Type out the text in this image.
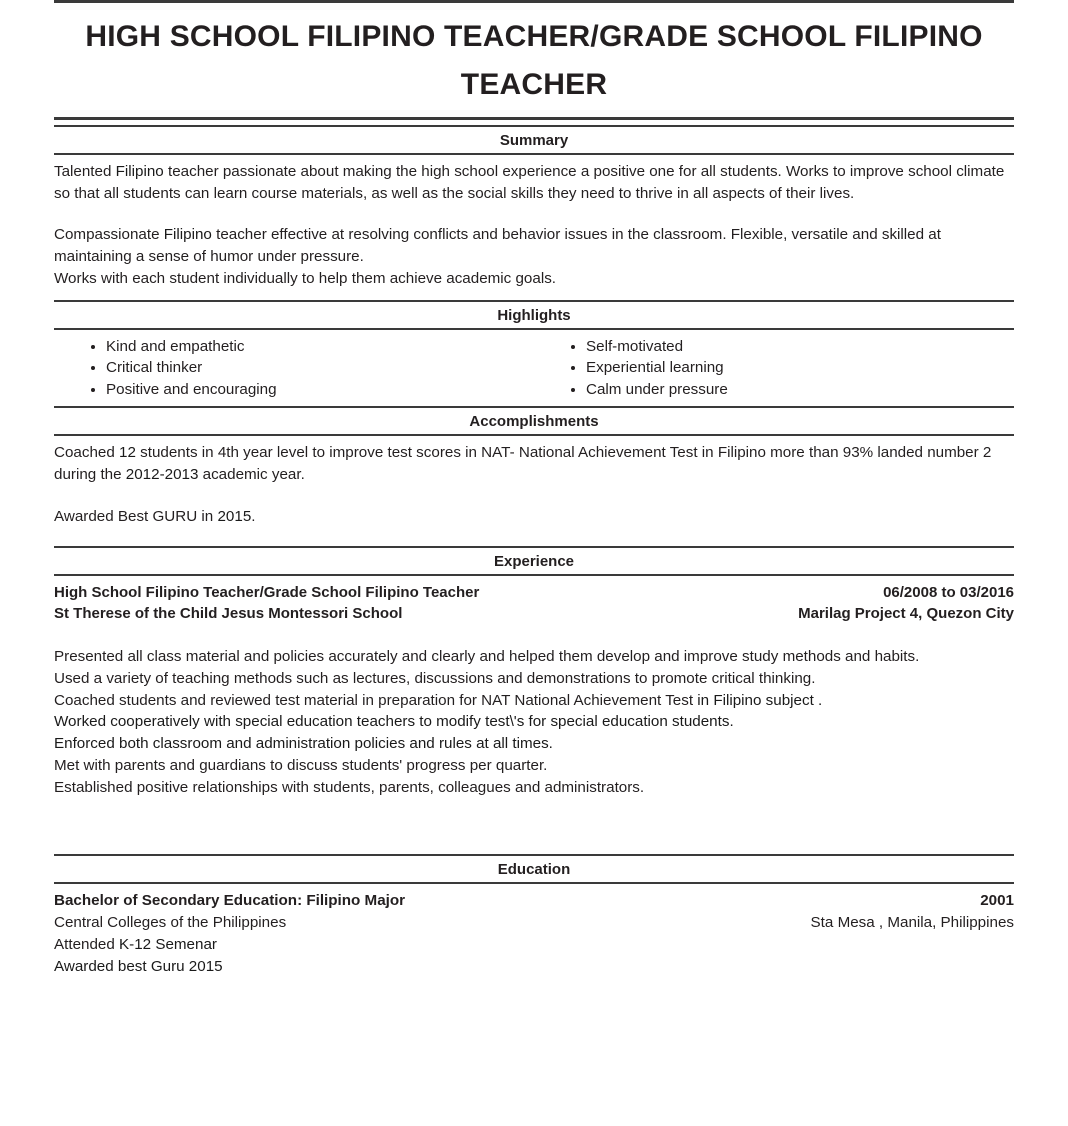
HIGH SCHOOL FILIPINO TEACHER/GRADE SCHOOL FILIPINO TEACHER
Summary

Talented Filipino teacher passionate about making the high school experience a positive one for all students. Works to improve school climate so that all students can learn course materials, as well as the social skills they need to thrive in all aspects of their lives.

Compassionate Filipino teacher effective at resolving conflicts and behavior issues in the classroom. Flexible, versatile and skilled at maintaining a sense of humor under pressure.

Works with each student individually to help them achieve academic goals.

Highlights
• Kind and empathetic
• Critical thinker
• Positive and encouraging
• Self-motivated
• Experiential learning
• Calm under pressure
Accomplishments

Coached 12 students in 4th year level to improve test scores in NAT- National Achievement Test in Filipino more than 93% landed number 2 during the 2012-2013 academic year.

Awarded Best GURU in 2015.

Experience
High School Filipino Teacher/Grade School Filipino Teacher	06/2008 to 03/2016
St Therese of the Child Jesus Montessori School	Marilag Project 4, Quezon City

Presented all class material and policies accurately and clearly and helped them develop and improve study methods and habits.

Used a variety of teaching methods such as lectures, discussions and demonstrations to promote critical thinking.

Coached students and reviewed test material in preparation for NAT National Achievement Test in Filipino subject .

Worked cooperatively with special education teachers to modify test\'s for special education students.

Enforced both classroom and administration policies and rules at all times.

Met with parents and guardians to discuss students' progress per quarter.

Established positive relationships with students, parents, colleagues and administrators.

Education
Bachelor of Secondary Education: Filipino Major	2001
Central Colleges of the Philippines	Sta Mesa , Manila, Philippines
Attended K-12 Semenar
Awarded best Guru 2015
